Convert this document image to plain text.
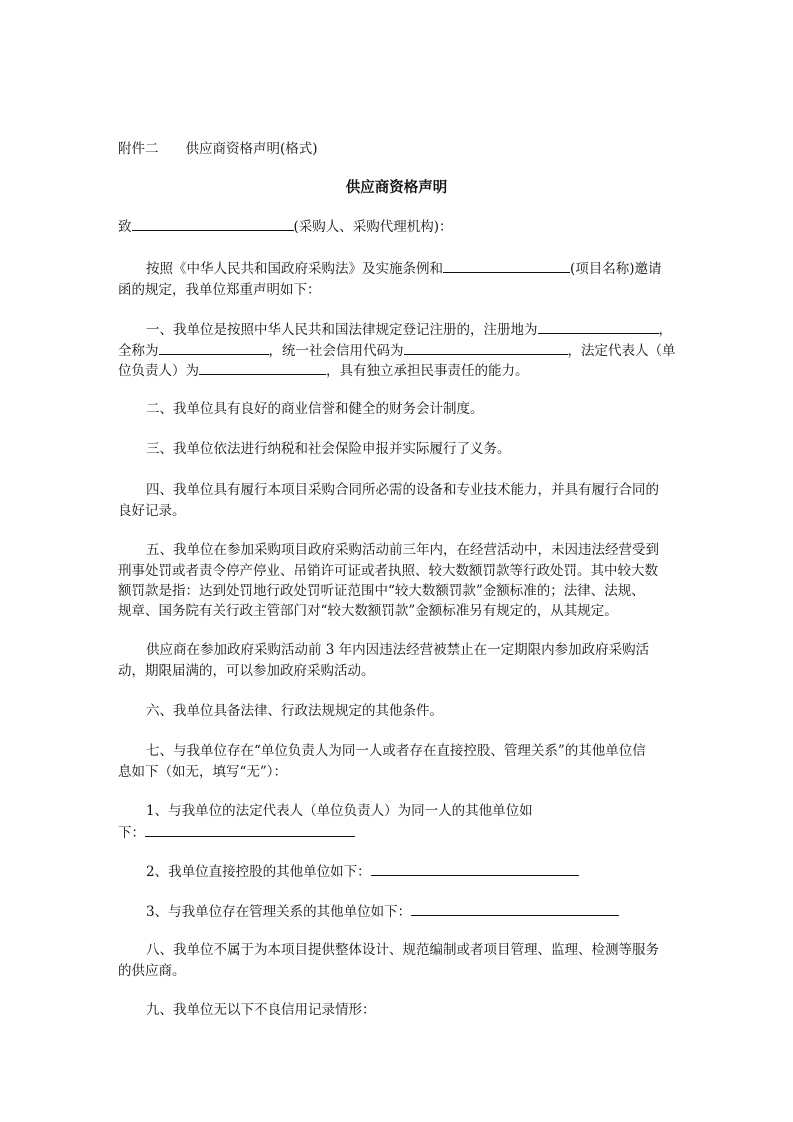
附件二　　供应商资格声明(格式)
供应商资格声明
致	(采购人、采购代理机构)：
按照《中华人民共和国政府采购法》及实施条例和	(项目名称)邀请
函的规定，我单位郑重声明如下：
一、我单位是按照中华人民共和国法律规定登记注册的，注册地为	，
全称为	，统一社会信用代码为	，法定代表人（单
位负责人）为	，具有独立承担民事责任的能力。
二、我单位具有良好的商业信誉和健全的财务会计制度。
三、我单位依法进行纳税和社会保险申报并实际履行了义务。
四、我单位具有履行本项目采购合同所必需的设备和专业技术能力，并具有履行合同的
良好记录。
五、我单位在参加采购项目政府采购活动前三年内，在经营活动中，未因违法经营受到
刑事处罚或者责令停产停业、吊销许可证或者执照、较大数额罚款等行政处罚。其中较大数
额罚款是指：达到处罚地行政处罚听证范围中“较大数额罚款”金额标准的；法律、法规、
规章、国务院有关行政主管部门对“较大数额罚款”金额标准另有规定的，从其规定。
供应商在参加政府采购活动前 3 年内因违法经营被禁止在一定期限内参加政府采购活
动，期限届满的，可以参加政府采购活动。
六、我单位具备法律、行政法规规定的其他条件。
七、与我单位存在“单位负责人为同一人或者存在直接控股、管理关系”的其他单位信
息如下（如无，填写“无”）：
1、与我单位的法定代表人（单位负责人）为同一人的其他单位如
下：
2、我单位直接控股的其他单位如下：
3、与我单位存在管理关系的其他单位如下：
八、我单位不属于为本项目提供整体设计、规范编制或者项目管理、监理、检测等服务
的供应商。
九、我单位无以下不良信用记录情形：
